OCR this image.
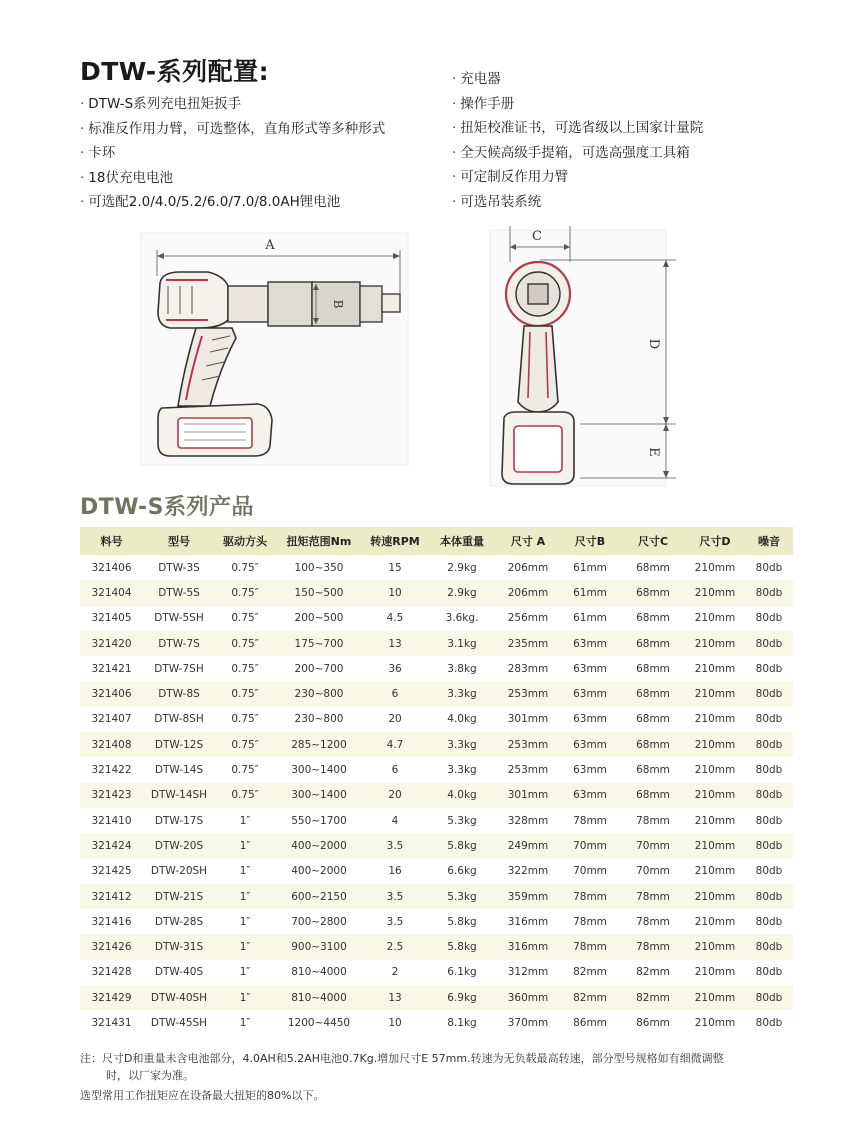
DTW-系列配置:
· DTW-S系列充电扭矩扳手
· 标准反作用力臂，可选整体，直角形式等多种形式
· 卡环
· 18伏充电电池
· 可选配2.0/4.0/5.2/6.0/7.0/8.0AH锂电池
· 充电器
· 操作手册
· 扭矩校准证书，可选省级以上国家计量院
· 全天候高级手提箱，可选高强度工具箱
· 可定制反作用力臂
· 可选吊装系统
A
B
C
D
E
DTW-S系列产品
料号	型号	驱动方头	扭矩范围Nm	转速RPM	本体重量	尺寸 A	尺寸B	尺寸C	尺寸D	噪音
321406	DTW-3S	0.75″	100~350	15	2.9kg	206mm	61mm	68mm	210mm	80db
321404	DTW-5S	0.75″	150~500	10	2.9kg	206mm	61mm	68mm	210mm	80db
321405	DTW-5SH	0.75″	200~500	4.5	3.6kg.	256mm	61mm	68mm	210mm	80db
321420	DTW-7S	0.75″	175~700	13	3.1kg	235mm	63mm	68mm	210mm	80db
321421	DTW-7SH	0.75″	200~700	36	3.8kg	283mm	63mm	68mm	210mm	80db
321406	DTW-8S	0.75″	230~800	6	3.3kg	253mm	63mm	68mm	210mm	80db
321407	DTW-8SH	0.75″	230~800	20	4.0kg	301mm	63mm	68mm	210mm	80db
321408	DTW-12S	0.75″	285~1200	4.7	3.3kg	253mm	63mm	68mm	210mm	80db
321422	DTW-14S	0.75″	300~1400	6	3.3kg	253mm	63mm	68mm	210mm	80db
321423	DTW-14SH	0.75″	300~1400	20	4.0kg	301mm	63mm	68mm	210mm	80db
321410	DTW-17S	1″	550~1700	4	5.3kg	328mm	78mm	78mm	210mm	80db
321424	DTW-20S	1″	400~2000	3.5	5.8kg	249mm	70mm	70mm	210mm	80db
321425	DTW-20SH	1″	400~2000	16	6.6kg	322mm	70mm	70mm	210mm	80db
321412	DTW-21S	1″	600~2150	3.5	5.3kg	359mm	78mm	78mm	210mm	80db
321416	DTW-28S	1″	700~2800	3.5	5.8kg	316mm	78mm	78mm	210mm	80db
321426	DTW-31S	1″	900~3100	2.5	5.8kg	316mm	78mm	78mm	210mm	80db
321428	DTW-40S	1″	810~4000	2	6.1kg	312mm	82mm	82mm	210mm	80db
321429	DTW-40SH	1″	810~4000	13	6.9kg	360mm	82mm	82mm	210mm	80db
321431	DTW-45SH	1″	1200~4450	10	8.1kg	370mm	86mm	86mm	210mm	80db
注：尺寸D和重量未含电池部分，4.0AH和5.2AH电池0.7Kg.增加尺寸E 57mm.转速为无负载最高转速，部分型号规格如有细微调整
时，以厂家为准。
选型常用工作扭矩应在设备最大扭矩的80%以下。
